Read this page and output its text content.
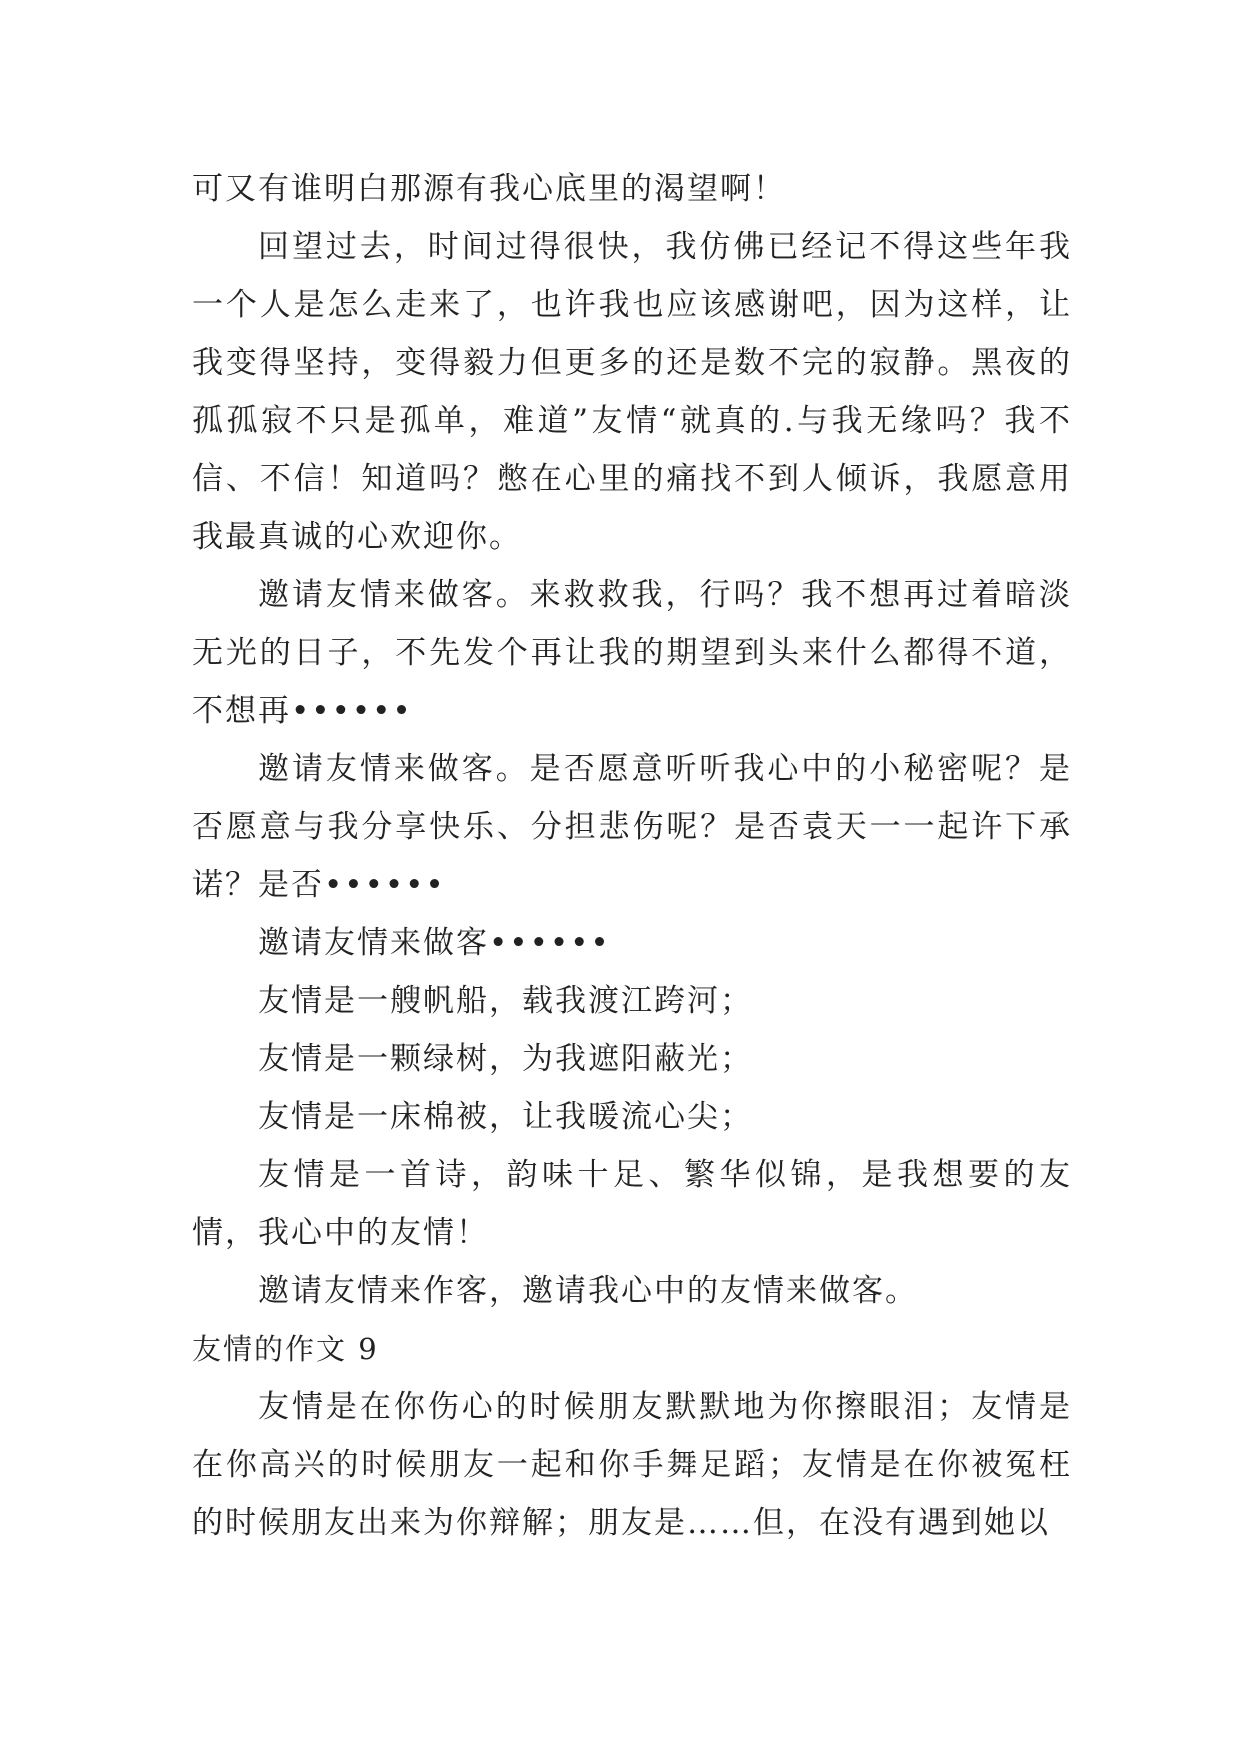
可又有谁明白那源有我心底里的渴望啊！

回望过去，时间过得很快，我仿佛已经记不得这些年我一个人是怎么走来了，也许我也应该感谢吧，因为这样，让我变得坚持，变得毅力但更多的还是数不完的寂静。黑夜的孤孤寂不只是孤单，难道”友情“就真的.与我无缘吗？我不信、不信！知道吗？憋在心里的痛找不到人倾诉，我愿意用我最真诚的心欢迎你。

邀请友情来做客。来救救我，行吗？我不想再过着暗淡无光的日子，不先发个再让我的期望到头来什么都得不道，不想再••••••

邀请友情来做客。是否愿意听听我心中的小秘密呢？是否愿意与我分享快乐、分担悲伤呢？是否袁天一一起许下承诺？是否••••••

邀请友情来做客••••••

友情是一艘帆船，载我渡江跨河；

友情是一颗绿树，为我遮阳蔽光；

友情是一床棉被，让我暖流心尖；

友情是一首诗，韵味十足、繁华似锦，是我想要的友情，我心中的友情！

邀请友情来作客，邀请我心中的友情来做客。

友情的作文 9

友情是在你伤心的时候朋友默默地为你擦眼泪；友情是在你高兴的时候朋友一起和你手舞足蹈；友情是在你被冤枉的时候朋友出来为你辩解；朋友是……但，在没有遇到她以
